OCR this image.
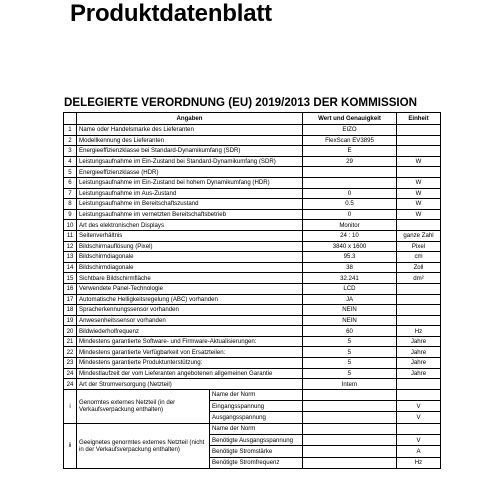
Produktdatenblatt
DELEGIERTE VERORDNUNG (EU) 2019/2013 DER KOMMISSION
	Angaben		Wert und Genauigkeit	Einheit
1	Name oder Handelsmarke des Lieferanten		EIZO	
2	Modellkennung des Lieferanten		FlexScan EV3895	
3	Energieeffizienzklasse bei Standard-Dynamikumfang (SDR)		E	
4	Leistungsaufnahme im Ein-Zustand bei Standard-Dynamikumfang (SDR)		29	W
5	Energieeffizienzklasse (HDR)			
6	Leistungsaufnahme im Ein-Zustand bei hohem Dynamikumfang (HDR)			W
7	Leistungsaufnahme im Aus-Zustand		0	W
8	Leistungsaufnahme im Bereitschaftszustand		0.5	W
9	Leistungsaufnahme im vernetzten Bereitschaftsbetrieb		0	W
10	Art des elektronischen Displays		Monitor	
11	Seitenverhältnis		24 : 10	ganze Zahl
12	Bildschirmauflösung (Pixel)		3840 x 1600	Pixel
13	Bildschirmdiagonale		95.3	cm
14	Bildschirmdiagonale		38	Zoll
15	Sichtbare Bildschirmfläche		32.241	dm²
16	Verwendete Panel-Technologie		LCD	
17	Automatische Helligkeitsregelung (ABC) vorhanden		JA	
18	Spracherkennungssensor vorhanden		NEIN	
19	Anwesenheitssensor vorhanden		NEIN	
20	Bildwiederholfrequenz		60	Hz
21	Mindestens garantierte Software- und Firmware-Aktualisierungen:		5	Jahre
22	Mindestens garantierte Verfügbarkeit von Ersatzteilen:		5	Jahre
23	Mindestens garantierte Produktunterstützung:		5	Jahre
24	Mindestlaufzeit der vom Lieferanten angebotenen allgemeinen Garantie		5	Jahre
24	Art der Stromversorgung (Netzteil)		Intern	
i	Genormtes externes Netzteil (in der Verkaufsverpackung enthalten)	Name der Norm		
		Eingangsspannung		V
		Ausgangsspannung		V
ii	Geeignetes genormtes externes Netzteil (nicht in der Verkaufsverpackung enthalten)	Name der Norm		
		Benötigte Ausgangsspannung		V
		Benötigte Stromstärke		A
		Benötigte Stromfrequenz		Hz
